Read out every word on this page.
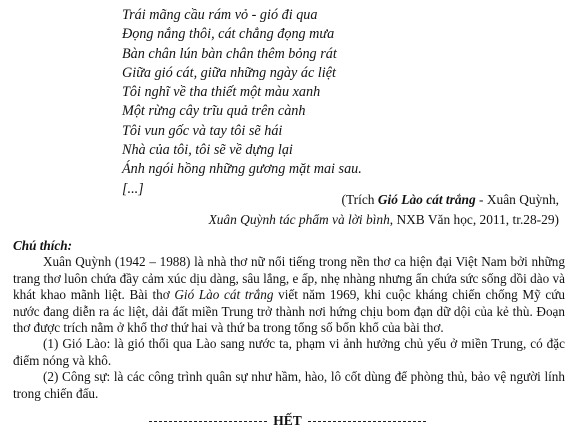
Trái mãng cầu rám vỏ - gió đi qua
Đọng nắng thôi, cát chẳng đọng mưa
Bàn chân lún bàn chân thêm bỏng rát
Giữa gió cát, giữa những ngày ác liệt
Tôi nghĩ về tha thiết một màu xanh
Một rừng cây trĩu quả trên cành
Tôi vun gốc và tay tôi sẽ hái
Nhà của tôi, tôi sẽ về dựng lại
Ánh ngói hồng những gương mặt mai sau.
[...]
(Trích Gió Lào cát trắng - Xuân Quỳnh,
Xuân Quỳnh tác phẩm và lời bình, NXB Văn học, 2011, tr.28-29)

Chú thích:

Xuân Quỳnh (1942 – 1988) là nhà thơ nữ nổi tiếng trong nền thơ ca hiện đại Việt Nam bởi những trang thơ luôn chứa đầy cảm xúc dịu dàng, sâu lắng, e ấp, nhẹ nhàng nhưng ẩn chứa sức sống dồi dào và khát khao mãnh liệt. Bài thơ Gió Lào cát trắng viết năm 1969, khi cuộc kháng chiến chống Mỹ cứu nước đang diễn ra ác liệt, dải đất miền Trung trở thành nơi hứng chịu bom đạn dữ dội của kẻ thù. Đoạn thơ được trích nằm ở khổ thơ thứ hai và thứ ba trong tổng số bốn khổ của bài thơ.

(1) Gió Lào: là gió thổi qua Lào sang nước ta, phạm vi ảnh hưởng chủ yếu ở miền Trung, có đặc điểm nóng và khô.

(2) Công sự: là các công trình quân sự như hầm, hào, lô cốt dùng để phòng thủ, bảo vệ người lính trong chiến đấu.

HẾT
